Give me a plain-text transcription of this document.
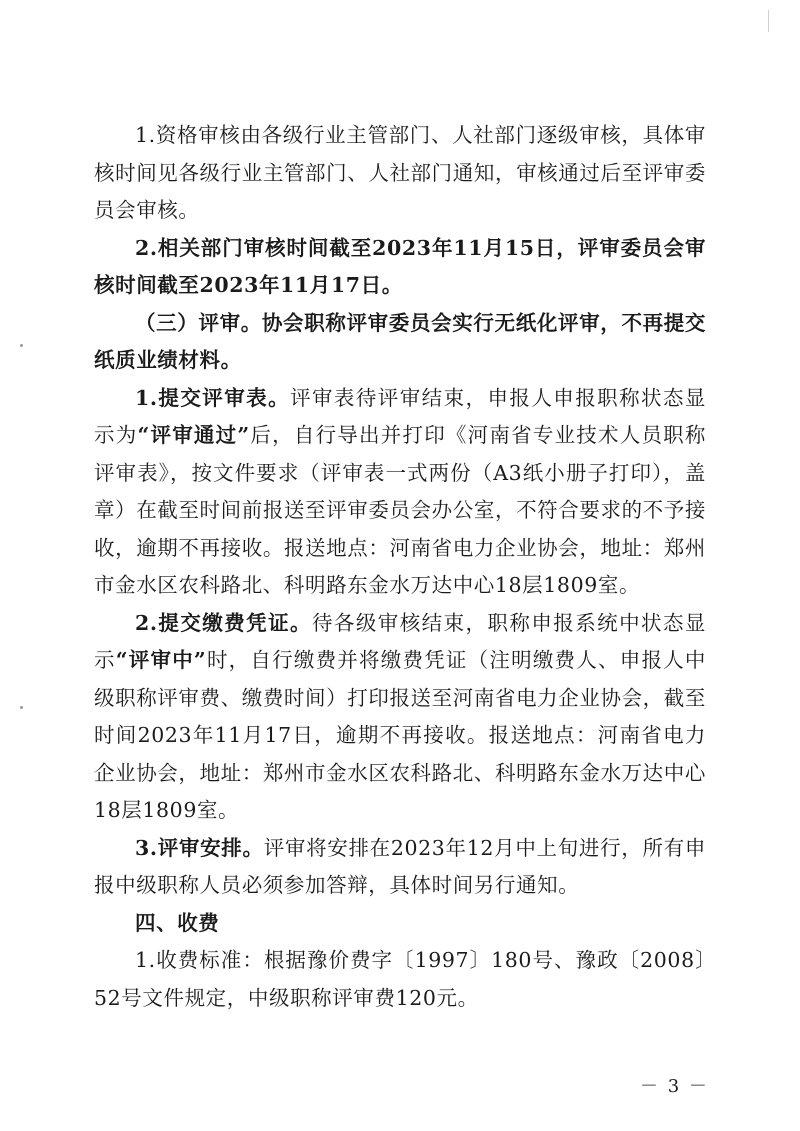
1.资格审核由各级行业主管部门、人社部门逐级审核，具体审核时间见各级行业主管部门、人社部门通知，审核通过后至评审委员会审核。

2.相关部门审核时间截至2023年11月15日，评审委员会审核时间截至2023年11月17日。

（三）评审。协会职称评审委员会实行无纸化评审，不再提交纸质业绩材料。

1.提交评审表。评审表待评审结束，申报人申报职称状态显示为“评审通过”后，自行导出并打印《河南省专业技术人员职称评审表》，按文件要求（评审表一式两份（A3纸小册子打印），盖章）在截至时间前报送至评审委员会办公室，不符合要求的不予接收，逾期不再接收。报送地点：河南省电力企业协会，地址：郑州市金水区农科路北、科明路东金水万达中心18层1809室。

2.提交缴费凭证。待各级审核结束，职称申报系统中状态显示“评审中”时，自行缴费并将缴费凭证（注明缴费人、申报人中级职称评审费、缴费时间）打印报送至河南省电力企业协会，截至时间2023年11月17日，逾期不再接收。报送地点：河南省电力企业协会，地址：郑州市金水区农科路北、科明路东金水万达中心18层1809室。

3.评审安排。评审将安排在2023年12月中上旬进行，所有申报中级职称人员必须参加答辩，具体时间另行通知。

四、收费

1.收费标准：根据豫价费字〔1997〕180号、豫政〔2008〕52号文件规定，中级职称评审费120元。

－ 3 －
